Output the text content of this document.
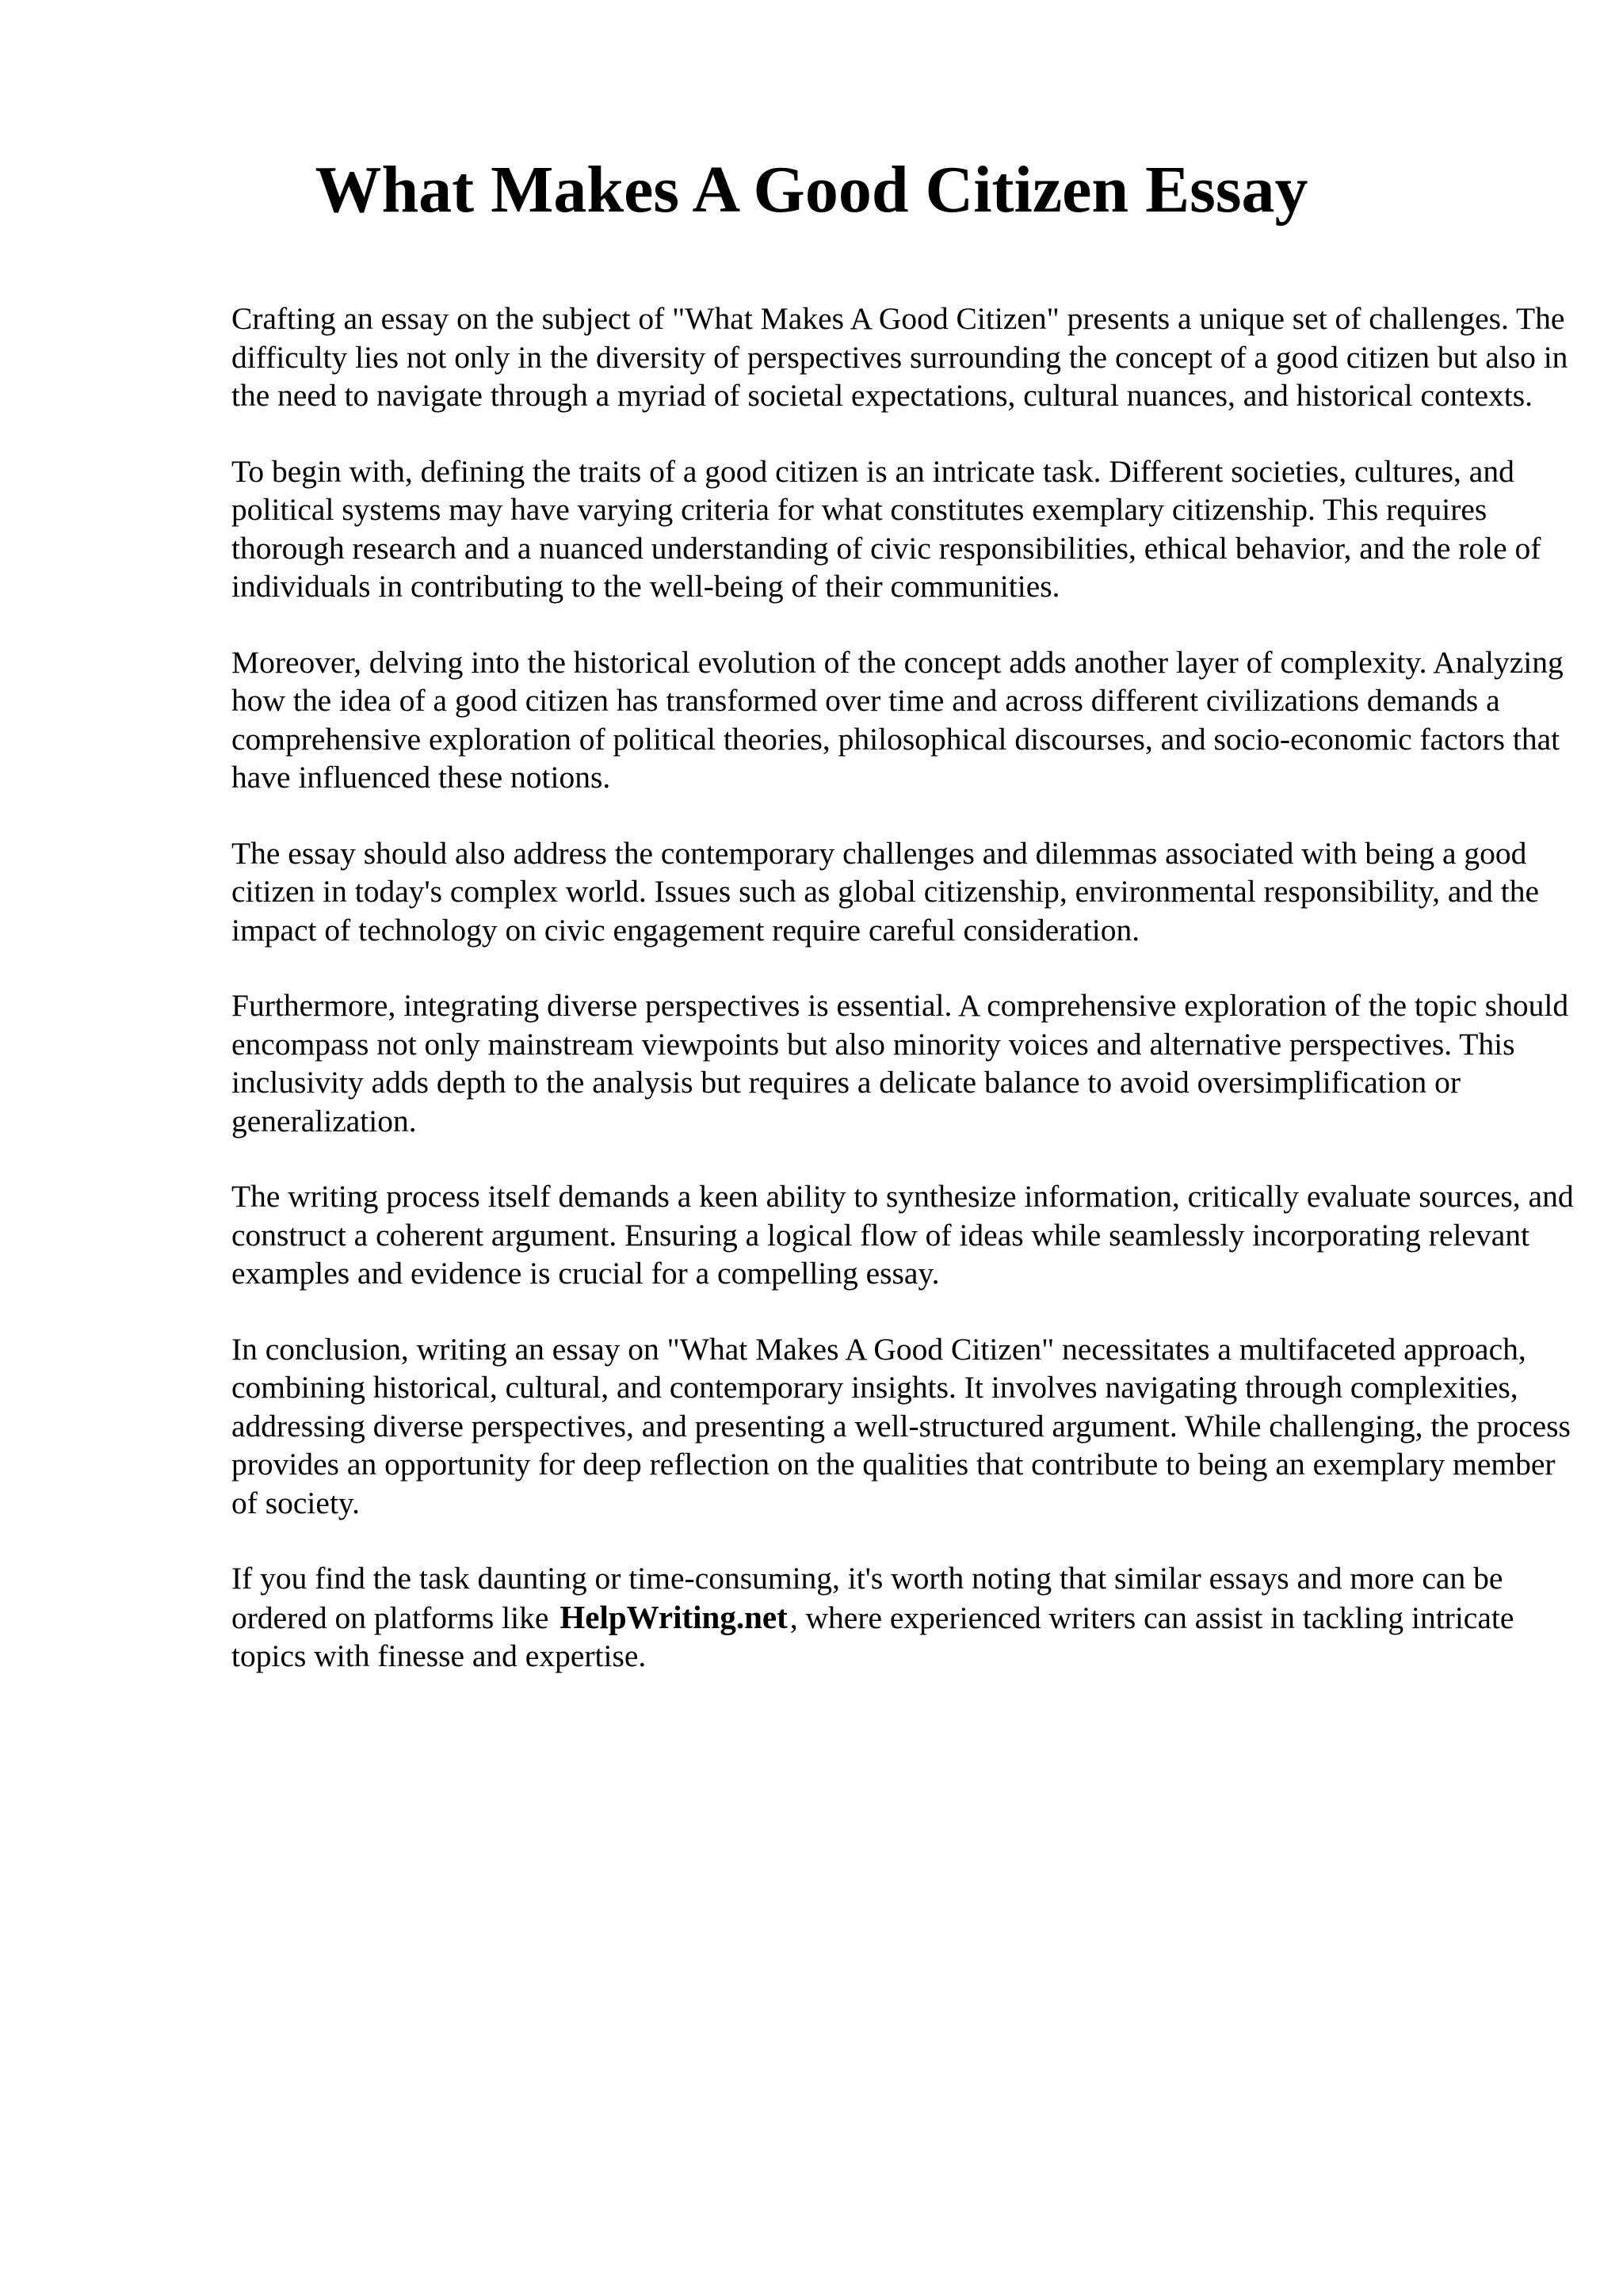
What Makes A Good Citizen Essay

Crafting an essay on the subject of "What Makes A Good Citizen" presents a unique set of challenges. The difficulty lies not only in the diversity of perspectives surrounding the concept of a good citizen but also in the need to navigate through a myriad of societal expectations, cultural nuances, and historical contexts.

To begin with, defining the traits of a good citizen is an intricate task. Different societies, cultures, and political systems may have varying criteria for what constitutes exemplary citizenship. This requires thorough research and a nuanced understanding of civic responsibilities, ethical behavior, and the role of individuals in contributing to the well-being of their communities.

Moreover, delving into the historical evolution of the concept adds another layer of complexity. Analyzing how the idea of a good citizen has transformed over time and across different civilizations demands a comprehensive exploration of political theories, philosophical discourses, and socio-economic factors that have influenced these notions.

The essay should also address the contemporary challenges and dilemmas associated with being a good citizen in today's complex world. Issues such as global citizenship, environmental responsibility, and the impact of technology on civic engagement require careful consideration.

Furthermore, integrating diverse perspectives is essential. A comprehensive exploration of the topic should encompass not only mainstream viewpoints but also minority voices and alternative perspectives. This inclusivity adds depth to the analysis but requires a delicate balance to avoid oversimplification or generalization.

The writing process itself demands a keen ability to synthesize information, critically evaluate sources, and construct a coherent argument. Ensuring a logical flow of ideas while seamlessly incorporating relevant examples and evidence is crucial for a compelling essay.

In conclusion, writing an essay on "What Makes A Good Citizen" necessitates a multifaceted approach, combining historical, cultural, and contemporary insights. It involves navigating through complexities, addressing diverse perspectives, and presenting a well-structured argument. While challenging, the process provides an opportunity for deep reflection on the qualities that contribute to being an exemplary member of society.

If you find the task daunting or time-consuming, it's worth noting that similar essays and more can be ordered on platforms like HelpWriting.net, where experienced writers can assist in tackling intricate topics with finesse and expertise.
